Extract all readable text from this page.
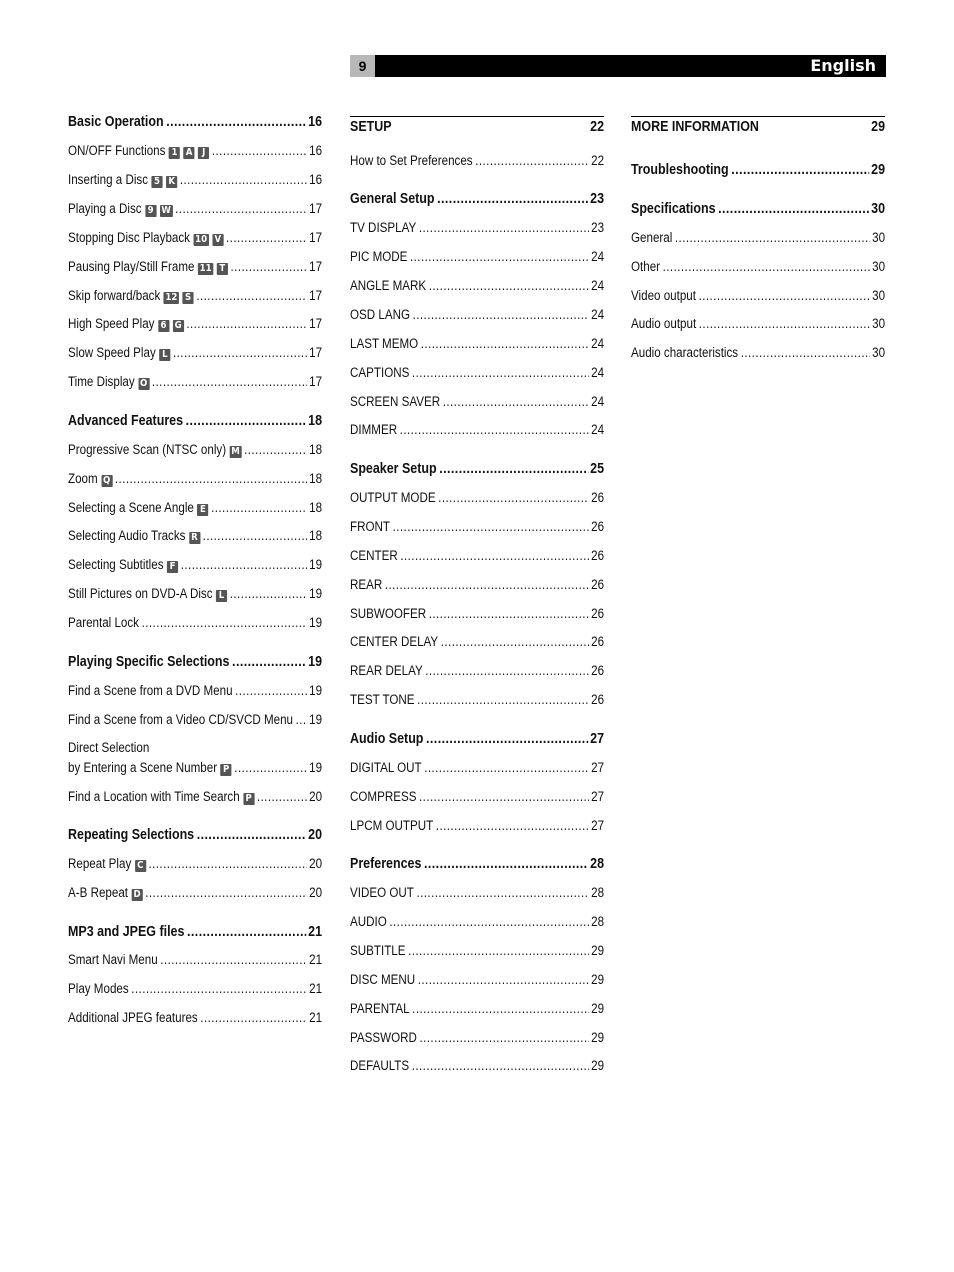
9	English
Basic Operation .....	16
ON/OFF Functions 1 A J .....	16
Inserting a Disc 5 K .....	16
Playing a Disc 9 W .....	17
Stopping Disc Playback 10 V .....	17
Pausing Play/Still Frame 11 T .....	17
Skip forward/back 12 S .....	17
High Speed Play 6 G .....	17
Slow Speed Play L .....	17
Time Display O .....	17
Advanced Features .....	18
Progressive Scan (NTSC only) M .....	18
Zoom Q .....	18
Selecting a Scene Angle E .....	18
Selecting Audio Tracks R .....	18
Selecting Subtitles F .....	19
Still Pictures on DVD-A Disc L .....	19
Parental Lock .....	19
Playing Specific Selections .....	19
Find a Scene from a DVD Menu .....	19
Find a Scene from a Video CD/SVCD Menu ..... 19
Direct Selection
by Entering a Scene Number P .....	19
Find a Location with Time Search P .....	20
Repeating Selections .....	20
Repeat Play C .....	20
A-B Repeat D .....	20
MP3 and JPEG files .....	21
Smart Navi Menu .....	21
Play Modes .....	21
Additional JPEG features .....	21
SETUP	22
How to Set Preferences .....	22
General Setup .....	23
TV DISPLAY .....	23
PIC MODE .....	24
ANGLE MARK .....	24
OSD LANG .....	24
LAST MEMO .....	24
CAPTIONS .....	24
SCREEN SAVER .....	24
DIMMER .....	24
Speaker Setup .....	25
OUTPUT MODE .....	26
FRONT .....	26
CENTER .....	26
REAR .....	26
SUBWOOFER .....	26
CENTER DELAY .....	26
REAR DELAY .....	26
TEST TONE .....	26
Audio Setup .....	27
DIGITAL OUT .....	27
COMPRESS .....	27
LPCM OUTPUT .....	27
Preferences .....	28
VIDEO OUT .....	28
AUDIO .....	28
SUBTITLE .....	29
DISC MENU .....	29
PARENTAL .....	29
PASSWORD .....	29
DEFAULTS .....	29
MORE INFORMATION	29
Troubleshooting .....	29
Specifications .....	30
General .....	30
Other .....	30
Video output .....	30
Audio output .....	30
Audio characteristics .....	30
